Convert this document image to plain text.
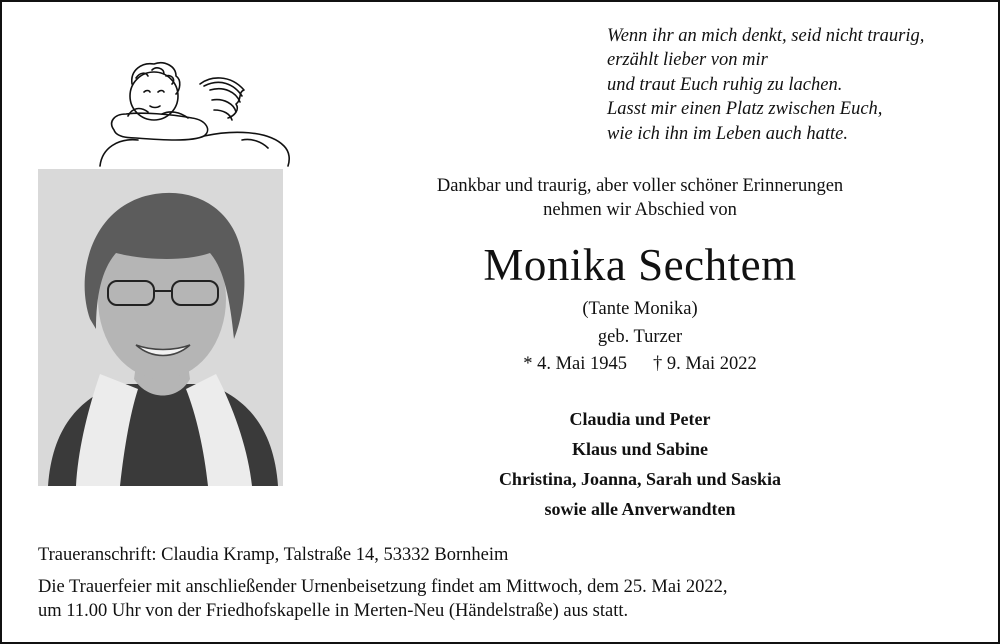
Wenn ihr an mich denkt, seid nicht traurig,
erzählt lieber von mir
und traut Euch ruhig zu lachen.
Lasst mir einen Platz zwischen Euch,
wie ich ihn im Leben auch hatte.
Dankbar und traurig, aber voller schöner Erinnerungen
nehmen wir Abschied von
Monika Sechtem
(Tante Monika)
geb. Turzer
* 4. Mai 1945 † 9. Mai 2022
Claudia und Peter
Klaus und Sabine
Christina, Joanna, Sarah und Saskia
sowie alle Anverwandten
Traueranschrift: Claudia Kramp, Talstraße 14, 53332 Bornheim
Die Trauerfeier mit anschließender Urnenbeisetzung findet am Mittwoch, dem 25. Mai 2022,
um 11.00 Uhr von der Friedhofskapelle in Merten-Neu (Händelstraße) aus statt.
